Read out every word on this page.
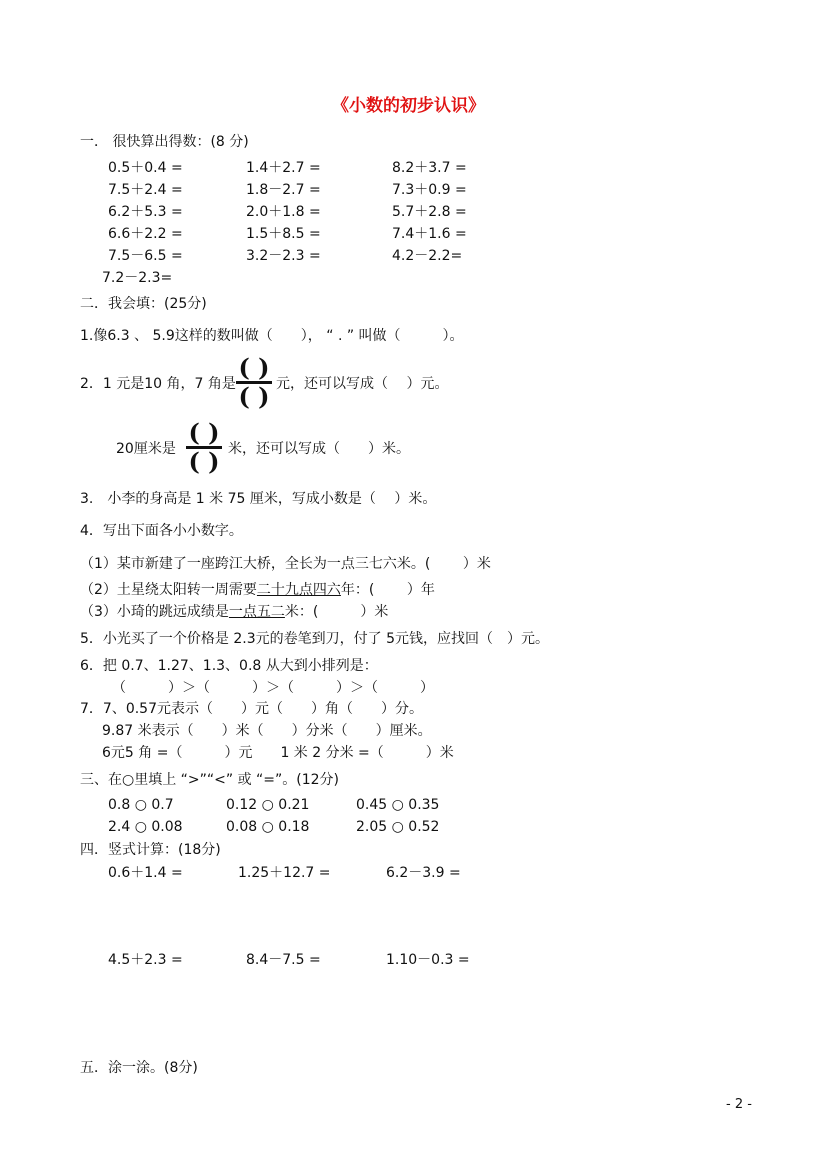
《小数的初步认识》
一． 很快算出得数：(8 分)
0.5＋0.4 =	1.4＋2.7 =	8.2＋3.7 =
7.5＋2.4 =	1.8－2.7 =	7.3＋0.9 =
6.2＋5.3 =	2.0＋1.8 =	5.7＋2.8 =
6.6＋2.2 =	1.5＋8.5 =	7.4＋1.6 =
7.5－6.5 =	3.2－2.3 =	4.2－2.2=
7.2－2.3=
二．我会填：(25分)
1.像6.3 、 5.9这样的数叫做（　　）， “ . ” 叫做（　　　）。
2．1 元是10 角，7 角是
( )
( ) 元，还可以写成（　 ）元。
20厘米是
( )
( ) 米，还可以写成（　　）米。
3.　小李的身高是 1 米 75 厘米，写成小数是（　 ）米。
4．写出下面各小小数字。
（1）某市新建了一座跨江大桥，全长为一点三七六米。(　　 ）米
（2）土星绕太阳转一周需要二十九点四六年：(　　 ）年
（3）小琦的跳远成绩是一点五二米：(　　　）米
5．小光买了一个价格是 2.3元的卷笔到刀，付了 5元钱，应找回（　）元。
6．把 0.7、1.27、1.3、0.8 从大到小排列是：
（　　　）＞（　　　）＞（　　　）＞（　　　）
7．7、0.57元表示（　　）元（　　）角（　　）分。
9.87 米表示（　　）米（　　）分米（　　）厘米。
6元5 角 =（　　　）元　　1 米 2 分米 =（　　　）米
三、在○里填上 “>”“<” 或 “=”。(12分)
0.8 ○ 0.7	0.12 ○ 0.21	0.45 ○ 0.35
2.4 ○ 0.08	0.08 ○ 0.18	2.05 ○ 0.52
四．竖式计算：(18分)
0.6＋1.4 =	1.25＋12.7 =	6.2－3.9 =
4.5＋2.3 =	8.4－7.5 =	1.10－0.3 =
五．涂一涂。(8分)
- 2 -
